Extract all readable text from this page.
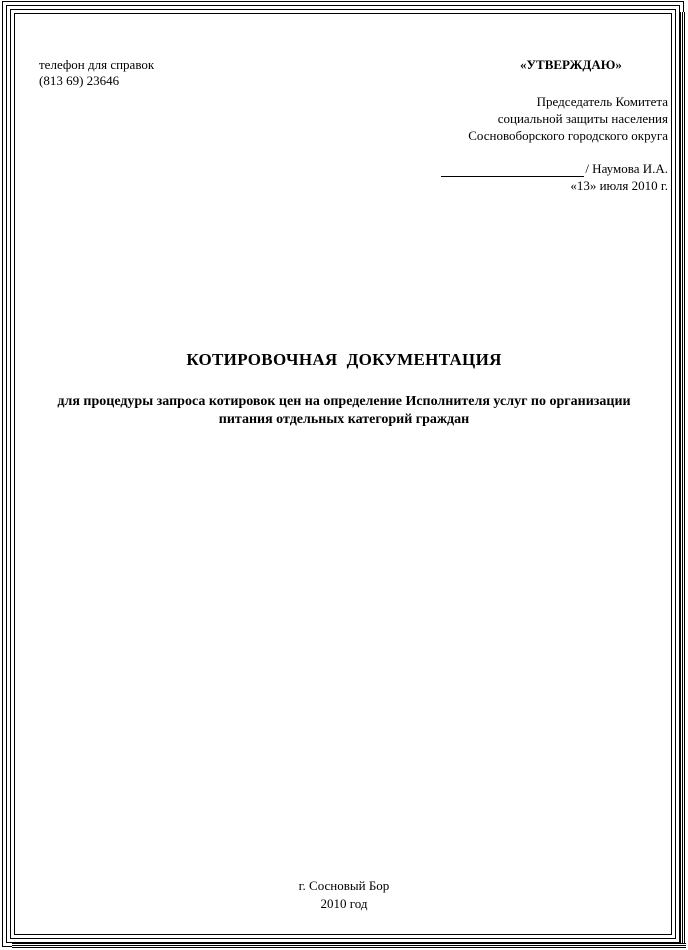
телефон для справок
(813 69) 23646
«УТВЕРЖДАЮ»
Председатель Комитета
социальной защиты населения
Сосновоборского городского округа
/ Наумова И.А.
«13» июля 2010 г.
КОТИРОВОЧНАЯ  ДОКУМЕНТАЦИЯ
для процедуры запроса котировок цен на определение Исполнителя услуг по организации питания отдельных категорий граждан
г. Сосновый Бор
2010 год
